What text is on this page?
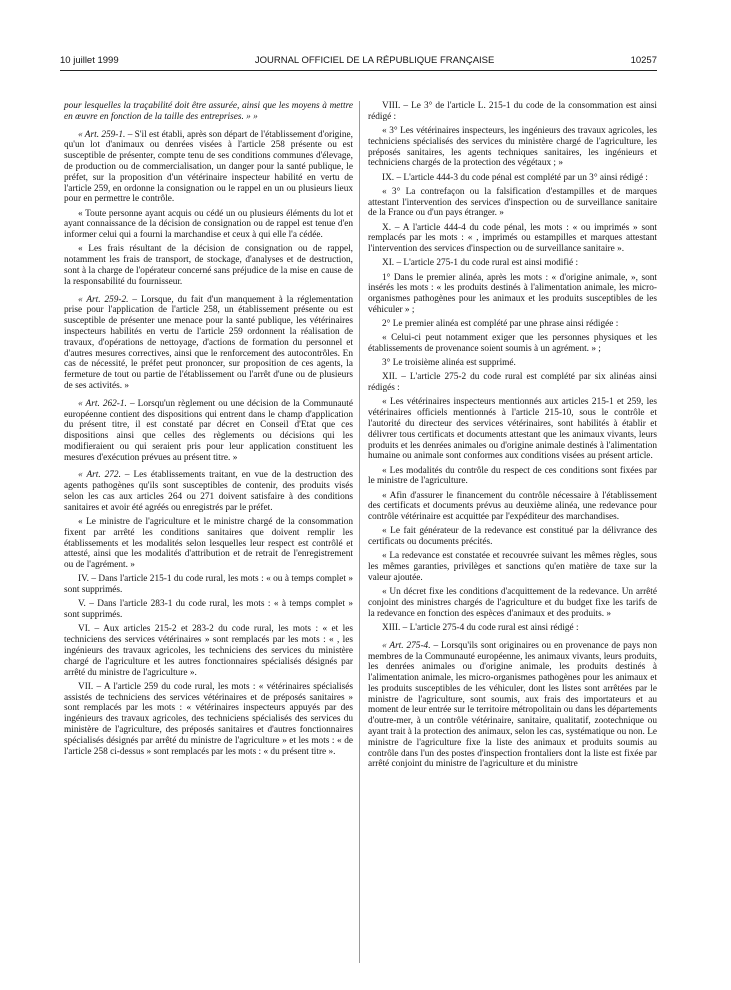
10 juillet 1999	JOURNAL OFFICIEL DE LA RÉPUBLIQUE FRANÇAISE	10257

pour lesquelles la traçabilité doit être assurée, ainsi que les moyens à mettre en œuvre en fonction de la taille des entreprises. » »

« Art. 259-1. – S'il est établi, après son départ de l'établissement d'origine, qu'un lot d'animaux ou denrées visées à l'article 258 présente ou est susceptible de présenter, compte tenu de ses conditions communes d'élevage, de production ou de commercialisation, un danger pour la santé publique, le préfet, sur la proposition d'un vétérinaire inspecteur habilité en vertu de l'article 259, en ordonne la consignation ou le rappel en un ou plusieurs lieux pour en permettre le contrôle.

« Toute personne ayant acquis ou cédé un ou plusieurs éléments du lot et ayant connaissance de la décision de consignation ou de rappel est tenue d'en informer celui qui a fourni la marchandise et ceux à qui elle l'a cédée.

« Les frais résultant de la décision de consignation ou de rappel, notamment les frais de transport, de stockage, d'analyses et de destruction, sont à la charge de l'opérateur concerné sans préjudice de la mise en cause de la responsabilité du fournisseur.

« Art. 259-2. – Lorsque, du fait d'un manquement à la réglementation prise pour l'application de l'article 258, un établissement présente ou est susceptible de présenter une menace pour la santé publique, les vétérinaires inspecteurs habilités en vertu de l'article 259 ordonnent la réalisation de travaux, d'opérations de nettoyage, d'actions de formation du personnel et d'autres mesures correctives, ainsi que le renforcement des autocontrôles. En cas de nécessité, le préfet peut prononcer, sur proposition de ces agents, la fermeture de tout ou partie de l'établissement ou l'arrêt d'une ou de plusieurs de ses activités. »

« Art. 262-1. – Lorsqu'un règlement ou une décision de la Communauté européenne contient des dispositions qui entrent dans le champ d'application du présent titre, il est constaté par décret en Conseil d'Etat que ces dispositions ainsi que celles des règlements ou décisions qui les modifieraient ou qui seraient pris pour leur application constituent les mesures d'exécution prévues au présent titre. »

« Art. 272. – Les établissements traitant, en vue de la destruction des agents pathogènes qu'ils sont susceptibles de contenir, des produits visés selon les cas aux articles 264 ou 271 doivent satisfaire à des conditions sanitaires et avoir été agréés ou enregistrés par le préfet.

« Le ministre de l'agriculture et le ministre chargé de la consommation fixent par arrêté les conditions sanitaires que doivent remplir les établissements et les modalités selon lesquelles leur respect est contrôlé et attesté, ainsi que les modalités d'attribution et de retrait de l'enregistrement ou de l'agrément. »

IV. – Dans l'article 215-1 du code rural, les mots : « ou à temps complet » sont supprimés.

V. – Dans l'article 283-1 du code rural, les mots : « à temps complet » sont supprimés.

VI. – Aux articles 215-2 et 283-2 du code rural, les mots : « et les techniciens des services vétérinaires » sont remplacés par les mots : « , les ingénieurs des travaux agricoles, les techniciens des services du ministère chargé de l'agriculture et les autres fonctionnaires spécialisés désignés par arrêté du ministre de l'agriculture ».

VII. – A l'article 259 du code rural, les mots : « vétérinaires spécialisés assistés de techniciens des services vétérinaires et de préposés sanitaires » sont remplacés par les mots : « vétérinaires inspecteurs appuyés par des ingénieurs des travaux agricoles, des techniciens spécialisés des services du ministère de l'agriculture, des préposés sanitaires et d'autres fonctionnaires spécialisés désignés par arrêté du ministre de l'agriculture » et les mots : « de l'article 258 ci-dessus » sont remplacés par les mots : « du présent titre ».

VIII. – Le 3° de l'article L. 215-1 du code de la consommation est ainsi rédigé :

« 3° Les vétérinaires inspecteurs, les ingénieurs des travaux agricoles, les techniciens spécialisés des services du ministère chargé de l'agriculture, les préposés sanitaires, les agents techniques sanitaires, les ingénieurs et techniciens chargés de la protection des végétaux ; »

IX. – L'article 444-3 du code pénal est complété par un 3° ainsi rédigé :

« 3° La contrefaçon ou la falsification d'estampilles et de marques attestant l'intervention des services d'inspection ou de surveillance sanitaire de la France ou d'un pays étranger. »

X. – A l'article 444-4 du code pénal, les mots : « ou imprimés » sont remplacés par les mots : « , imprimés ou estampilles et marques attestant l'intervention des services d'inspection ou de surveillance sanitaire ».

XI. – L'article 275-1 du code rural est ainsi modifié :

1° Dans le premier alinéa, après les mots : « d'origine animale, », sont insérés les mots : « les produits destinés à l'alimentation animale, les micro-organismes pathogènes pour les animaux et les produits susceptibles de les véhiculer » ;

2° Le premier alinéa est complété par une phrase ainsi rédigée :

« Celui-ci peut notamment exiger que les personnes physiques et les établissements de provenance soient soumis à un agrément. » ;

3° Le troisième alinéa est supprimé.

XII. – L'article 275-2 du code rural est complété par six alinéas ainsi rédigés :

« Les vétérinaires inspecteurs mentionnés aux articles 215-1 et 259, les vétérinaires officiels mentionnés à l'article 215-10, sous le contrôle et l'autorité du directeur des services vétérinaires, sont habilités à établir et délivrer tous certificats et documents attestant que les animaux vivants, leurs produits et les denrées animales ou d'origine animale destinés à l'alimentation humaine ou animale sont conformes aux conditions visées au présent article.

« Les modalités du contrôle du respect de ces conditions sont fixées par le ministre de l'agriculture.

« Afin d'assurer le financement du contrôle nécessaire à l'établissement des certificats et documents prévus au deuxième alinéa, une redevance pour contrôle vétérinaire est acquittée par l'expéditeur des marchandises.

« Le fait générateur de la redevance est constitué par la délivrance des certificats ou documents précités.

« La redevance est constatée et recouvrée suivant les mêmes règles, sous les mêmes garanties, privilèges et sanctions qu'en matière de taxe sur la valeur ajoutée.

« Un décret fixe les conditions d'acquittement de la redevance. Un arrêté conjoint des ministres chargés de l'agriculture et du budget fixe les tarifs de la redevance en fonction des espèces d'animaux et des produits. »

XIII. – L'article 275-4 du code rural est ainsi rédigé :

« Art. 275-4. – Lorsqu'ils sont originaires ou en provenance de pays non membres de la Communauté européenne, les animaux vivants, leurs produits, les denrées animales ou d'origine animale, les produits destinés à l'alimentation animale, les micro-organismes pathogènes pour les animaux et les produits susceptibles de les véhiculer, dont les listes sont arrêtées par le ministre de l'agriculture, sont soumis, aux frais des importateurs et au moment de leur entrée sur le territoire métropolitain ou dans les départements d'outre-mer, à un contrôle vétérinaire, sanitaire, qualitatif, zootechnique ou ayant trait à la protection des animaux, selon les cas, systématique ou non. Le ministre de l'agriculture fixe la liste des animaux et produits soumis au contrôle dans l'un des postes d'inspection frontaliers dont la liste est fixée par arrêté conjoint du ministre de l'agriculture et du ministre
